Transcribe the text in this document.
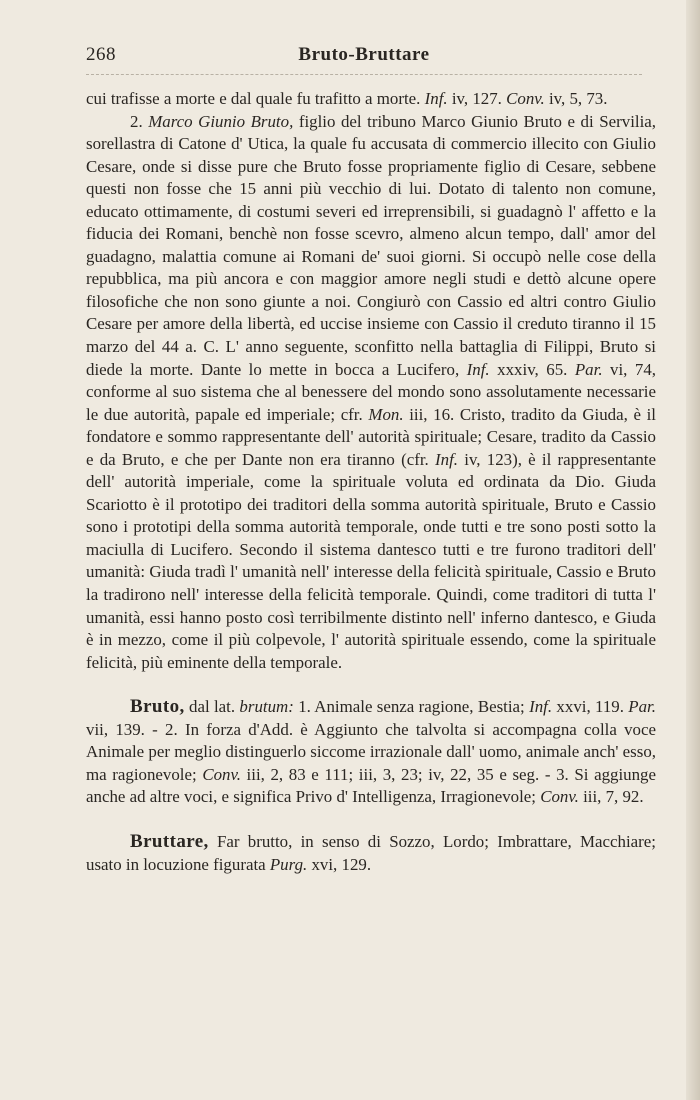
268	Bruto-Bruttare

cui trafisse a morte e dal quale fu trafitto a morte. Inf. iv, 127. Conv. iv, 5, 73.

2. Marco Giunio Bruto, figlio del tribuno Marco Giunio Bruto e di Servilia, sorellastra di Catone d' Utica, la quale fu accusata di commercio illecito con Giulio Cesare, onde si disse pure che Bruto fosse propriamente figlio di Cesare, sebbene questi non fosse che 15 anni più vecchio di lui. Dotato di talento non comune, educato ottimamente, di costumi severi ed irreprensibili, si guadagnò l' affetto e la fiducia dei Romani, benchè non fosse scevro, almeno alcun tempo, dall' amor del guadagno, malattia comune ai Romani de' suoi giorni. Si occupò nelle cose della repubblica, ma più ancora e con maggior amore negli studi e dettò alcune opere filosofiche che non sono giunte a noi. Congiurò con Cassio ed altri contro Giulio Cesare per amore della libertà, ed uccise insieme con Cassio il creduto tiranno il 15 marzo del 44 a. C. L' anno seguente, sconfitto nella battaglia di Filippi, Bruto si diede la morte. Dante lo mette in bocca a Lucifero, Inf. xxxiv, 65. Par. vi, 74, conforme al suo sistema che al benessere del mondo sono assolutamente necessarie le due autorità, papale ed imperiale; cfr. Mon. iii, 16. Cristo, tradito da Giuda, è il fondatore e sommo rappresentante dell' autorità spirituale; Cesare, tradito da Cassio e da Bruto, e che per Dante non era tiranno (cfr. Inf. iv, 123), è il rappresentante dell' autorità imperiale, come la spirituale voluta ed ordinata da Dio. Giuda Scariotto è il prototipo dei traditori della somma autorità spirituale, Bruto e Cassio sono i prototipi della somma autorità temporale, onde tutti e tre sono posti sotto la maciulla di Lucifero. Secondo il sistema dantesco tutti e tre furono traditori dell' umanità: Giuda tradì l' umanità nell' interesse della felicità spirituale, Cassio e Bruto la tradirono nell' interesse della felicità temporale. Quindi, come traditori di tutta l' umanità, essi hanno posto così terribilmente distinto nell' inferno dantesco, e Giuda è in mezzo, come il più colpevole, l' autorità spirituale essendo, come la spirituale felicità, più eminente della temporale.

Bruto, dal lat. brutum: 1. Animale senza ragione, Bestia; Inf. xxvi, 119. Par. vii, 139. - 2. In forza d'Add. è Aggiunto che talvolta si accompagna colla voce Animale per meglio distinguerlo siccome irrazionale dall' uomo, animale anch' esso, ma ragionevole; Conv. iii, 2, 83 e 111; iii, 3, 23; iv, 22, 35 e seg. - 3. Si aggiunge anche ad altre voci, e significa Privo d' Intelligenza, Irragionevole; Conv. iii, 7, 92.

Bruttare, Far brutto, in senso di Sozzo, Lordo; Imbrattare, Macchiare; usato in locuzione figurata Purg. xvi, 129.
